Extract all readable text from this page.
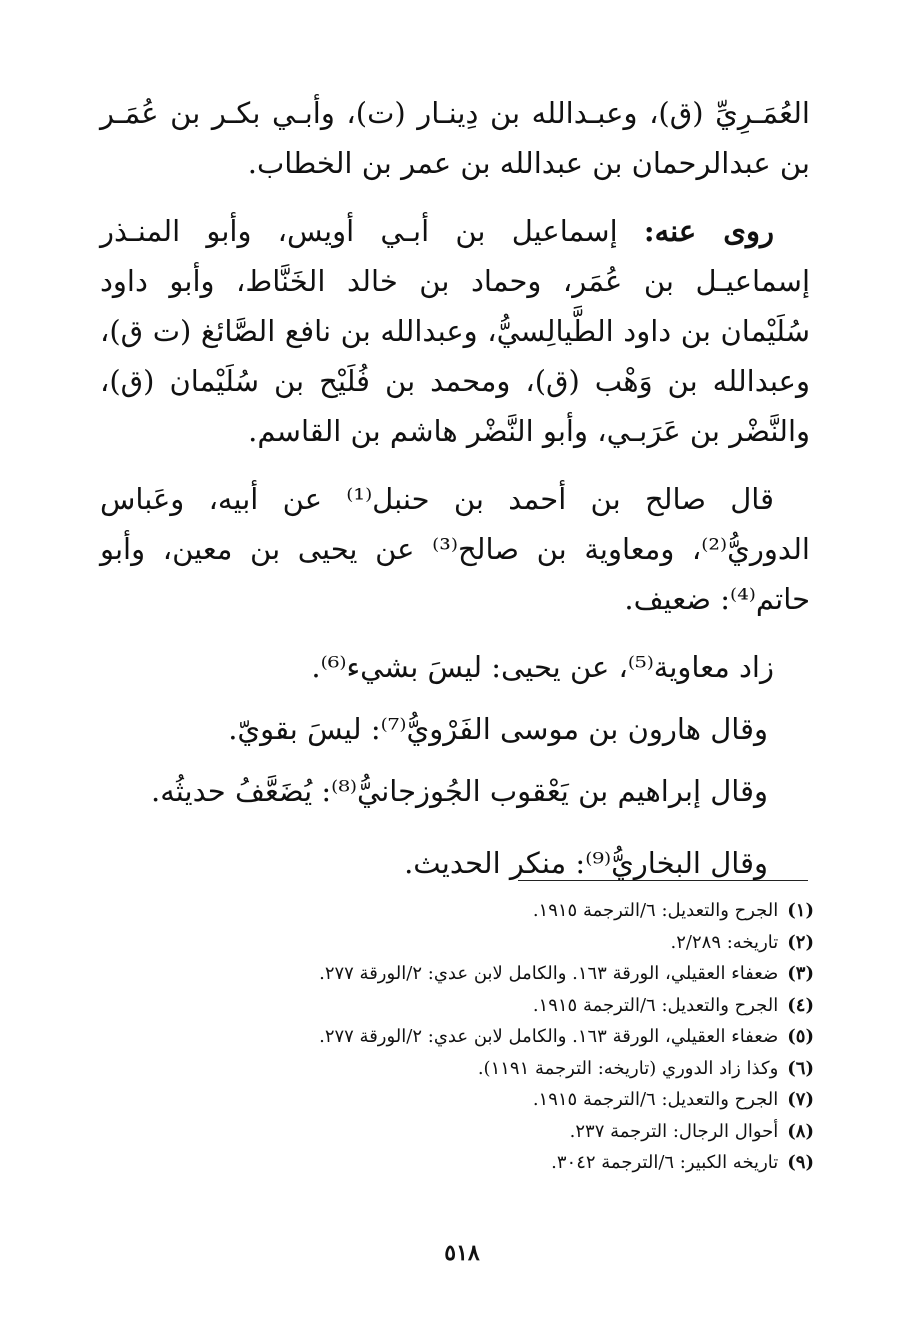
العُمَـرِيِّ (ق)، وعبـدالله بن دِينـار (ت)، وأبـي بكـر بن عُمَـر بن عبدالرحمان بن عبدالله بن عمر بن الخطاب.

روى عنه: إسماعيل بن أبـي أويس، وأبو المنـذر إسماعيـل بن عُمَر، وحماد بن خالد الخَنَّاط، وأبو داود سُلَيْمان بن داود الطَّيالِسيُّ، وعبدالله بن نافع الصَّائغ (ت ق)، وعبدالله بن وَهْب (ق)، ومحمد بن فُلَيْح بن سُلَيْمان (ق)، والنَّضْر بن عَرَبـي، وأبو النَّضْر هاشم بن القاسم.

قال صالح بن أحمد بن حنبل⁽¹⁾ عن أبيه، وعَباس الدوريُّ⁽²⁾، ومعاوية بن صالح⁽³⁾ عن يحيى بن معين، وأبو حاتم⁽⁴⁾: ضعيف.

زاد معاوية⁽⁵⁾، عن يحيى: ليسَ بشيء⁽⁶⁾.

وقال هارون بن موسى الفَرْويُّ⁽⁷⁾: ليسَ بقويّ.

وقال إبراهيم بن يَعْقوب الجُوزجانيُّ⁽⁸⁾: يُضَعَّفُ حديثُه.

وقال البخاريُّ⁽⁹⁾: منكر الحديث.

(١) الجرح والتعديل: ٦/الترجمة ١٩١٥.
(٢) تاريخه: ٢/٢٨٩.
(٣) ضعفاء العقيلي، الورقة ١٦٣. والكامل لابن عدي: ٢/الورقة ٢٧٧.
(٤) الجرح والتعديل: ٦/الترجمة ١٩١٥.
(٥) ضعفاء العقيلي، الورقة ١٦٣. والكامل لابن عدي: ٢/الورقة ٢٧٧.
(٦) وكذا زاد الدوري (تاريخه: الترجمة ١١٩١).
(٧) الجرح والتعديل: ٦/الترجمة ١٩١٥.
(٨) أحوال الرجال: الترجمة ٢٣٧.
(٩) تاريخه الكبير: ٦/الترجمة ٣٠٤٢.
٥١٨
